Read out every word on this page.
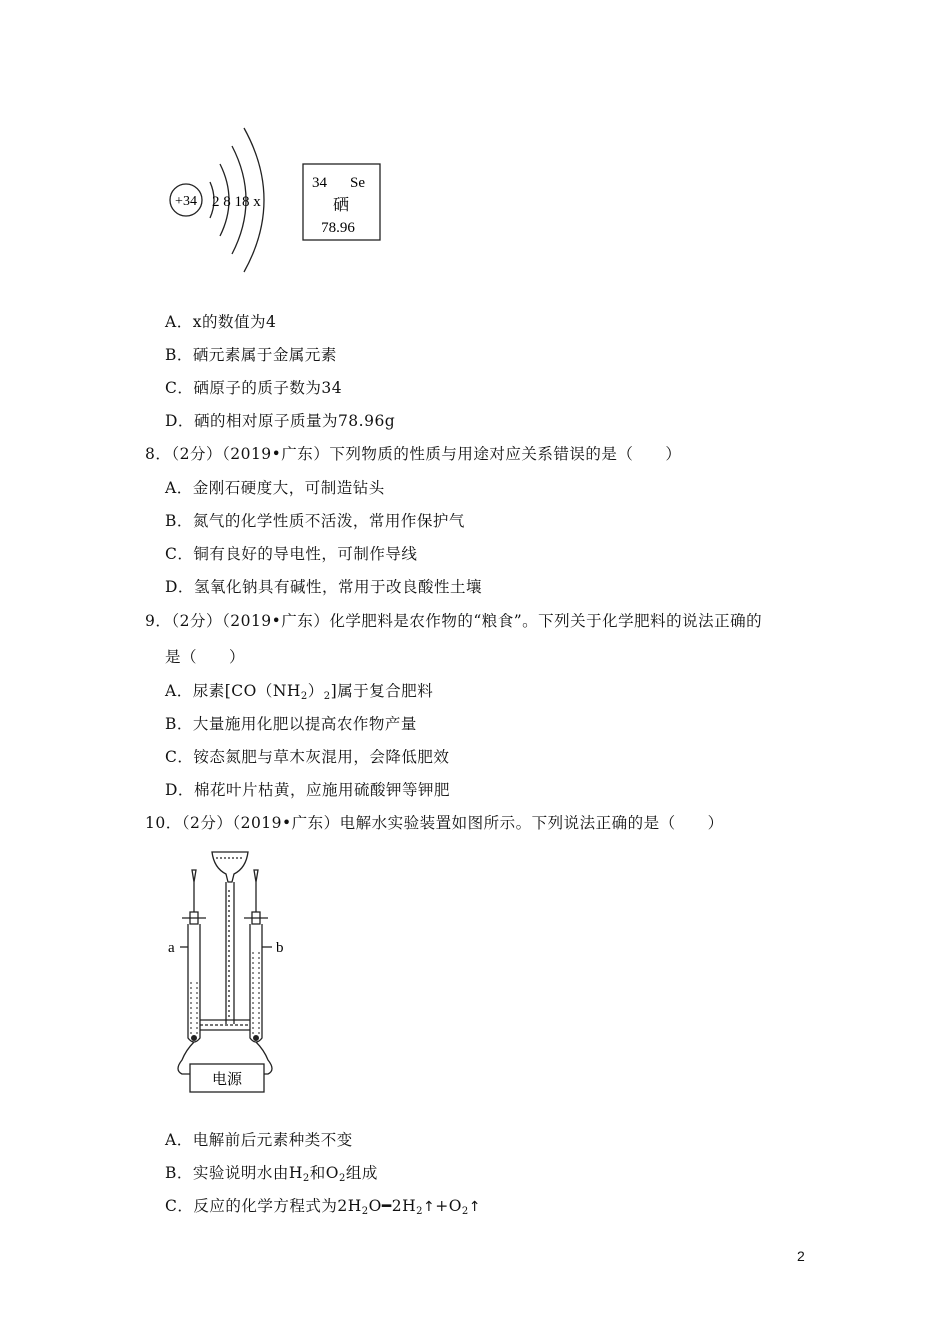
+34 2 8 18 x
34 Se
硒
78.96
A．x的数值为4
B．硒元素属于金属元素
C．硒原子的质子数为34
D．硒的相对原子质量为78.96g
8．（2分）（2019•广东）下列物质的性质与用途对应关系错误的是（　　）
A．金刚石硬度大，可制造钻头
B．氮气的化学性质不活泼，常用作保护气
C．铜有良好的导电性，可制作导线
D．氢氧化钠具有碱性，常用于改良酸性土壤
9．（2分）（2019•广东）化学肥料是农作物的“粮食”。下列关于化学肥料的说法正确的
是（　　）
A．尿素$[CO(NH_2)_2]$属于复合肥料
B．大量施用化肥以提高农作物产量
C．铵态氮肥与草木灰混用，会降低肥效
D．棉花叶片枯黄，应施用硫酸钾等钾肥
10．（2分）（2019•广东）电解水实验装置如图所示。下列说法正确的是（　　）
a	b
电源
A．电解前后元素种类不变
B．实验说明水由$H_2$和$O_2$组成
C．反应的化学方程式为$2H_2O━2H_2↑+O_2↑$
2
